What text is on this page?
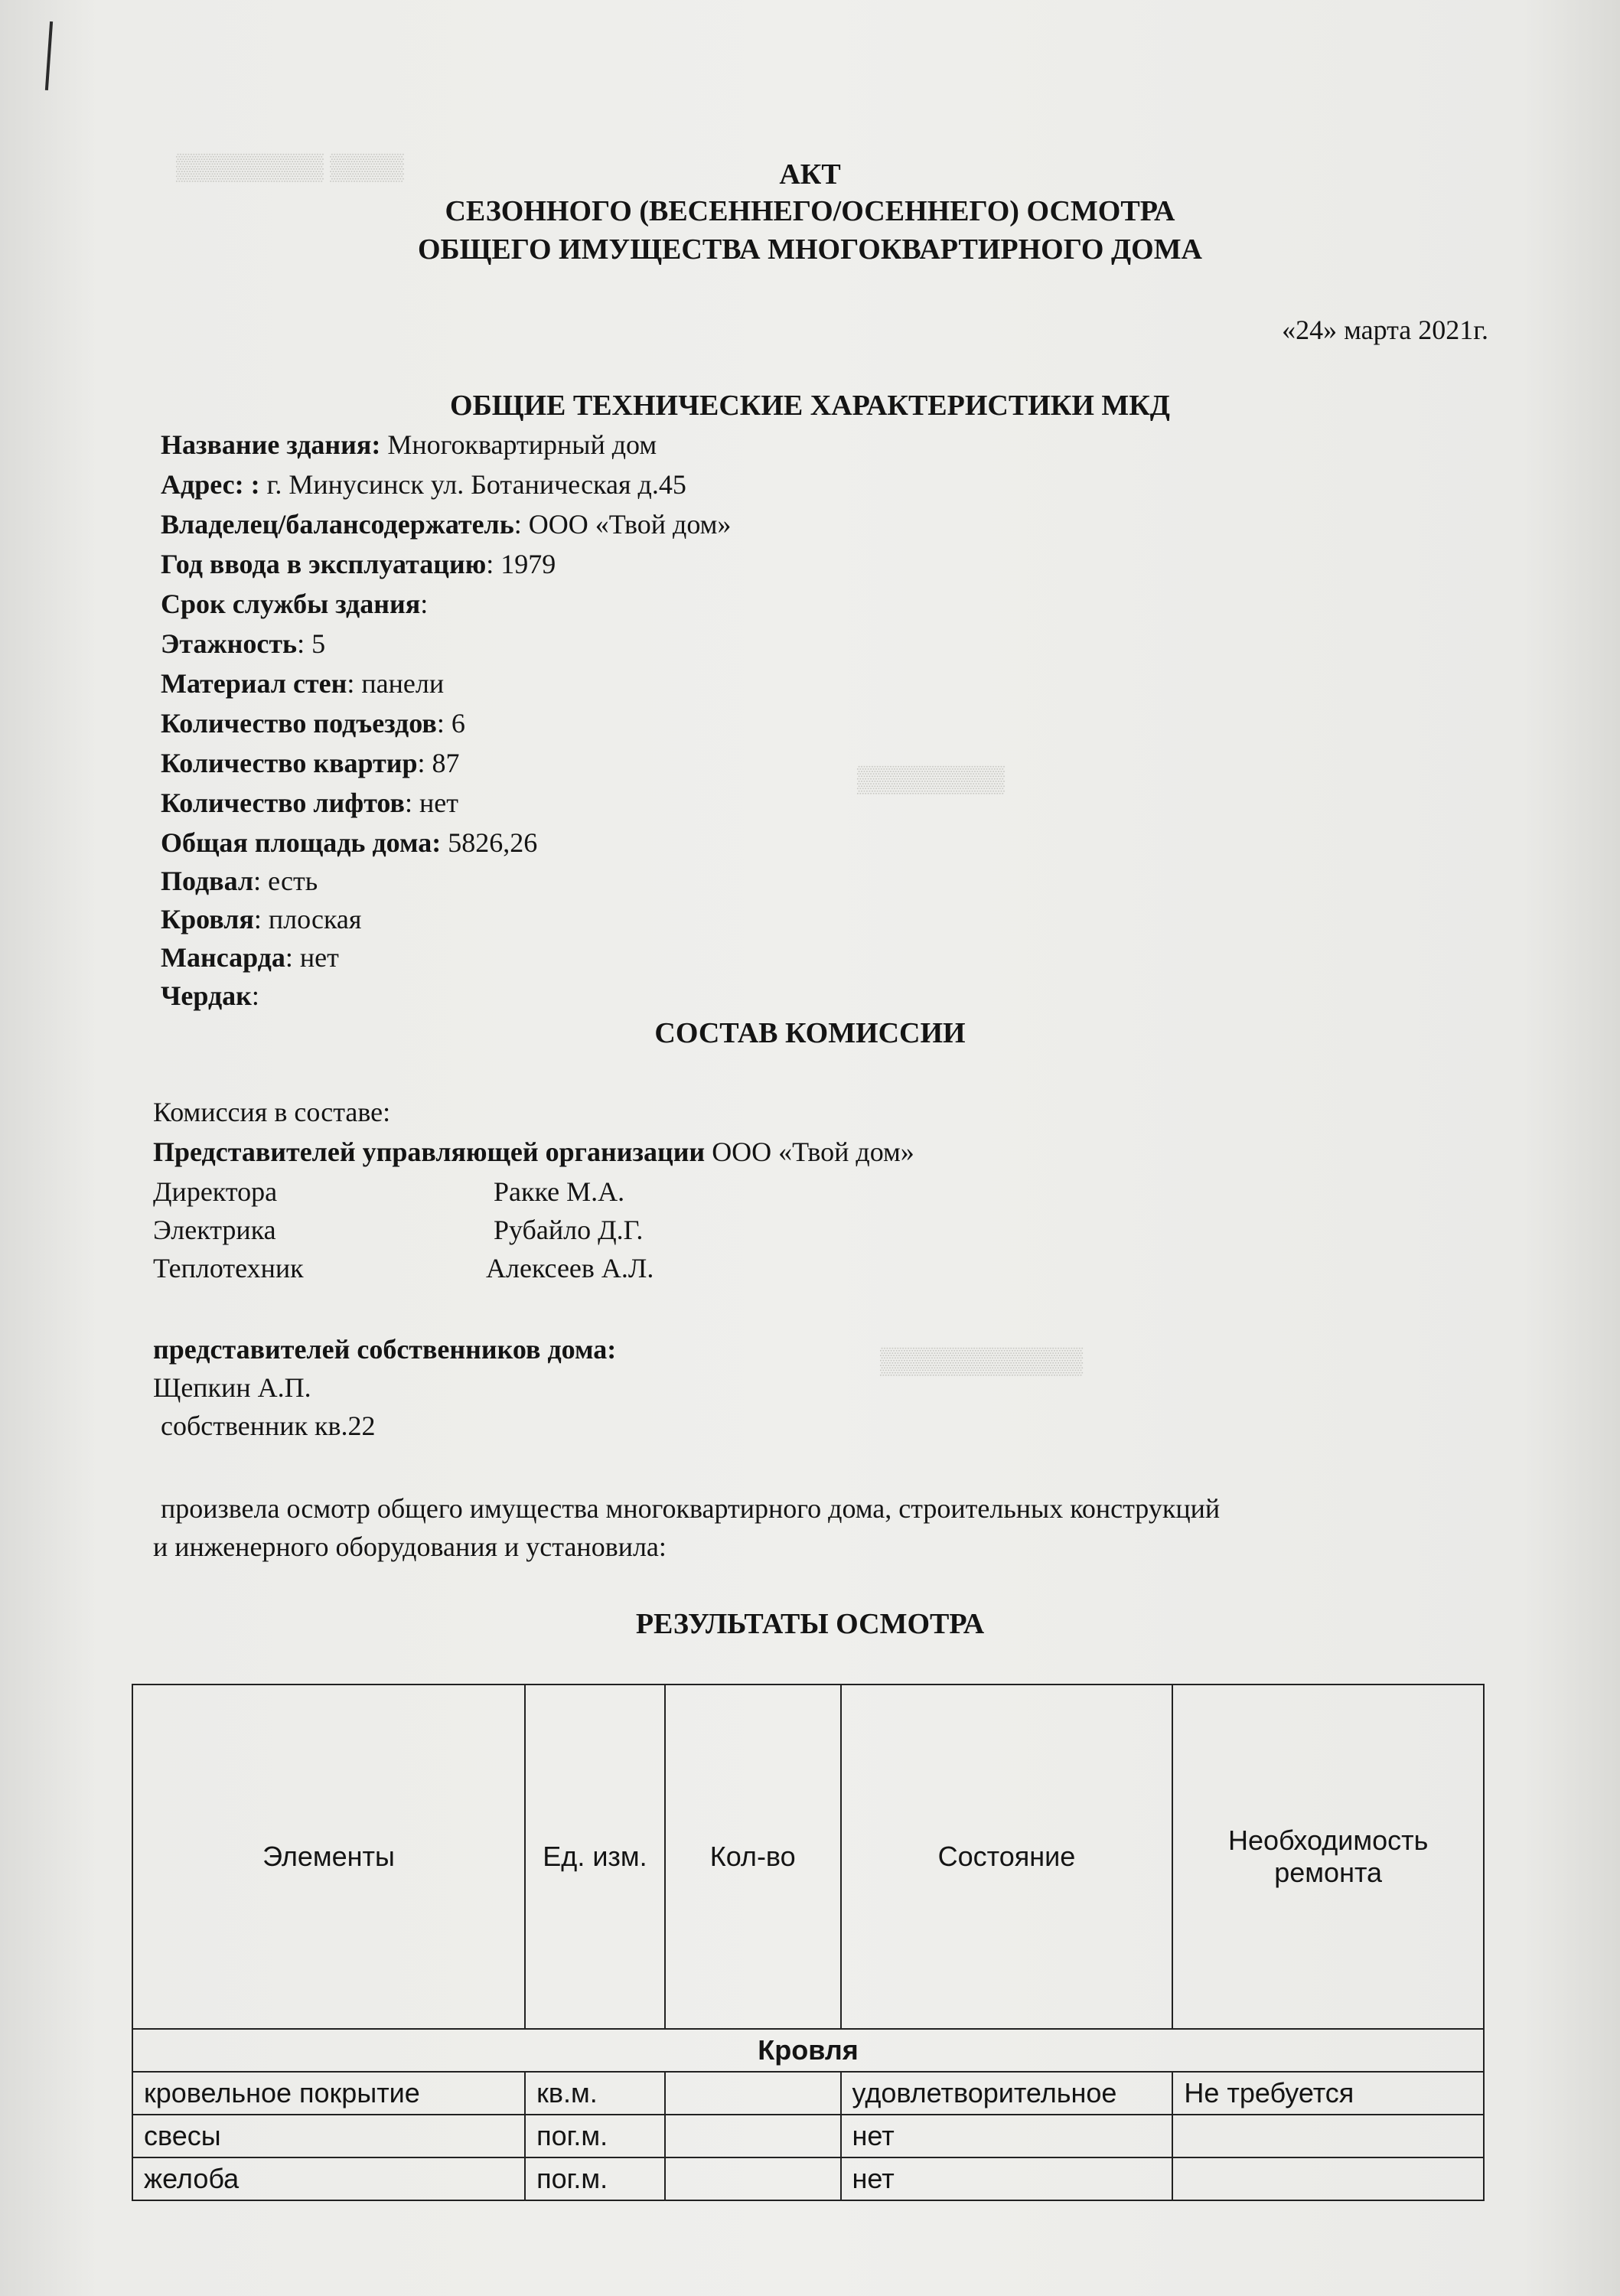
▒▒▒▒▒▒▒▒ ▒▒▒▒
▒▒▒▒▒▒▒▒
▒▒▒▒▒▒▒▒▒▒▒
АКТ
СЕЗОННОГО (ВЕСЕННЕГО/ОСЕННЕГО) ОСМОТРА
ОБЩЕГО ИМУЩЕСТВА МНОГОКВАРТИРНОГО ДОМА
«24» марта 2021г.
ОБЩИЕ ТЕХНИЧЕСКИЕ ХАРАКТЕРИСТИКИ МКД
Название здания: Многоквартирный дом
Адрес: : г. Минусинск ул. Ботаническая д.45
Владелец/балансодержатель: ООО «Твой дом»
Год ввода в эксплуатацию: 1979
Срок службы здания:
Этажность: 5
Материал стен: панели
Количество подъездов: 6
Количество квартир: 87
Количество лифтов: нет
Общая площадь дома: 5826,26
Подвал: есть
Кровля: плоская
Мансарда: нет
Чердак:
СОСТАВ КОМИССИИ
Комиссия в составе:
Представителей управляющей организации ООО «Твой дом»
Директора	Ракке М.А.
Электрика	Рубайло Д.Г.
Теплотехник	Алексеев А.Л.
представителей собственников дома:
Щепкин А.П.
собственник кв.22
произвела осмотр общего имущества многоквартирного дома, строительных конструкций
и инженерного оборудования и установила:
РЕЗУЛЬТАТЫ ОСМОТРА
Элементы	Ед. изм.	Кол-во	Состояние	Необходимость ремонта
Кровля				
кровельное покрытие	кв.м.		удовлетворительное	Не требуется
свесы	пог.м.		нет	
желоба	пог.м.		нет	
